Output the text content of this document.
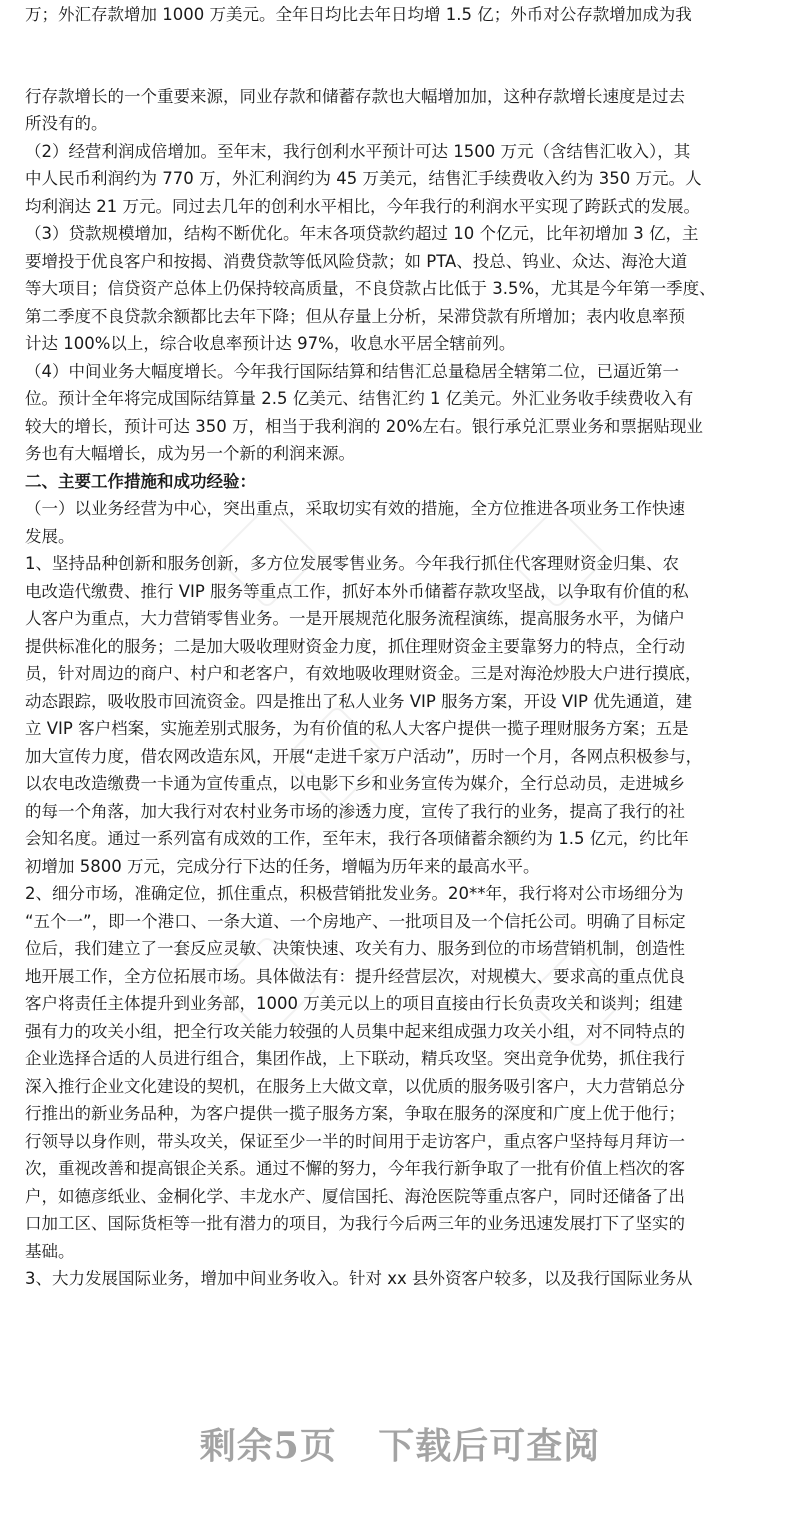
万；外汇存款增加 1000 万美元。全年日均比去年日均增 1.5 亿；外币对公存款增加成为我
行存款增长的一个重要来源，同业存款和储蓄存款也大幅增加加，这种存款增长速度是过去
所没有的。
（2）经营利润成倍增加。至年末，我行创利水平预计可达 1500 万元（含结售汇收入），其
中人民币利润约为 770 万，外汇利润约为 45 万美元，结售汇手续费收入约为 350 万元。人
均利润达 21 万元。同过去几年的创利水平相比，今年我行的利润水平实现了跨跃式的发展。
（3）贷款规模增加，结构不断优化。年末各项贷款约超过 10 个亿元，比年初增加 3 亿，主
要增投于优良客户和按揭、消费贷款等低风险贷款；如 PTA、投总、钨业、众达、海沧大道
等大项目；信贷资产总体上仍保持较高质量，不良贷款占比低于 3.5%，尤其是今年第一季度、
第二季度不良贷款余额都比去年下降；但从存量上分析，呆滞贷款有所增加；表内收息率预
计达 100%以上，综合收息率预计达 97%，收息水平居全辖前列。
（4）中间业务大幅度增长。今年我行国际结算和结售汇总量稳居全辖第二位，已逼近第一
位。预计全年将完成国际结算量 2.5 亿美元、结售汇约 1 亿美元。外汇业务收手续费收入有
较大的增长，预计可达 350 万，相当于我利润的 20%左右。银行承兑汇票业务和票据贴现业
务也有大幅增长，成为另一个新的利润来源。
二、主要工作措施和成功经验：
（一）以业务经营为中心，突出重点，采取切实有效的措施，全方位推进各项业务工作快速
发展。
1、坚持品种创新和服务创新，多方位发展零售业务。今年我行抓住代客理财资金归集、农
电改造代缴费、推行 VIP 服务等重点工作，抓好本外币储蓄存款攻坚战，以争取有价值的私
人客户为重点，大力营销零售业务。一是开展规范化服务流程演练，提高服务水平，为储户
提供标准化的服务；二是加大吸收理财资金力度，抓住理财资金主要靠努力的特点，全行动
员，针对周边的商户、村户和老客户，有效地吸收理财资金。三是对海沧炒股大户进行摸底，
动态跟踪，吸收股市回流资金。四是推出了私人业务 VIP 服务方案，开设 VIP 优先通道，建
立 VIP 客户档案，实施差别式服务，为有价值的私人大客户提供一揽子理财服务方案；五是
加大宣传力度，借农网改造东风，开展“走进千家万户活动”，历时一个月，各网点积极参与，
以农电改造缴费一卡通为宣传重点，以电影下乡和业务宣传为媒介，全行总动员，走进城乡
的每一个角落，加大我行对农村业务市场的渗透力度，宣传了我行的业务，提高了我行的社
会知名度。通过一系列富有成效的工作，至年末，我行各项储蓄余额约为 1.5 亿元，约比年
初增加 5800 万元，完成分行下达的任务，增幅为历年来的最高水平。
2、细分市场，准确定位，抓住重点，积极营销批发业务。20**年，我行将对公市场细分为
“五个一”，即一个港口、一条大道、一个房地产、一批项目及一个信托公司。明确了目标定
位后，我们建立了一套反应灵敏、决策快速、攻关有力、服务到位的市场营销机制，创造性
地开展工作，全方位拓展市场。具体做法有：提升经营层次，对规模大、要求高的重点优良
客户将责任主体提升到业务部，1000 万美元以上的项目直接由行长负责攻关和谈判；组建
强有力的攻关小组，把全行攻关能力较强的人员集中起来组成强力攻关小组，对不同特点的
企业选择合适的人员进行组合，集团作战，上下联动，精兵攻坚。突出竞争优势，抓住我行
深入推行企业文化建设的契机，在服务上大做文章，以优质的服务吸引客户，大力营销总分
行推出的新业务品种，为客户提供一揽子服务方案，争取在服务的深度和广度上优于他行；
行领导以身作则，带头攻关，保证至少一半的时间用于走访客户，重点客户坚持每月拜访一
次，重视改善和提高银企关系。通过不懈的努力，今年我行新争取了一批有价值上档次的客
户，如德彦纸业、金桐化学、丰龙水产、厦信国托、海沧医院等重点客户，同时还储备了出
口加工区、国际货柜等一批有潜力的项目，为我行今后两三年的业务迅速发展打下了坚实的
基础。
3、大力发展国际业务，增加中间业务收入。针对 xx 县外资客户较多，以及我行国际业务从
剩余5页 下载后可查阅
